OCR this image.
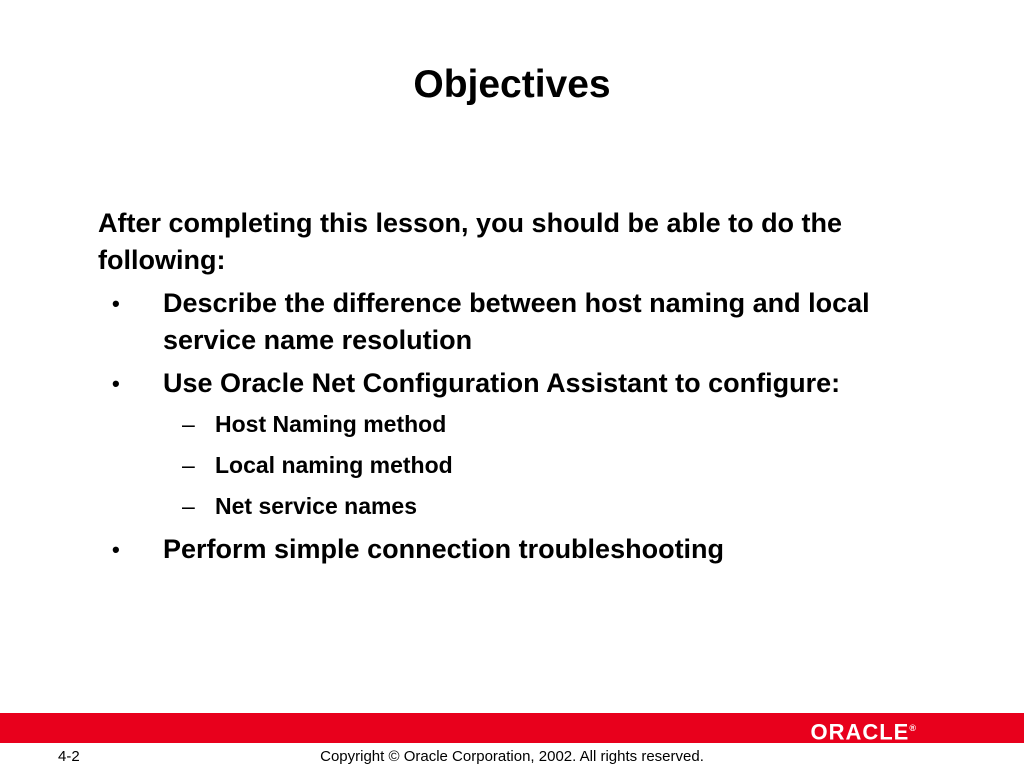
Objectives

After completing this lesson, you should be able to do the following:

• Describe the difference between host naming and local service name resolution
• Use Oracle Net Configuration Assistant to configure:
– Host Naming method
– Local naming method
– Net service names
• Perform simple connection troubleshooting
ORACLE®
4-2	Copyright © Oracle Corporation, 2002. All rights reserved.
